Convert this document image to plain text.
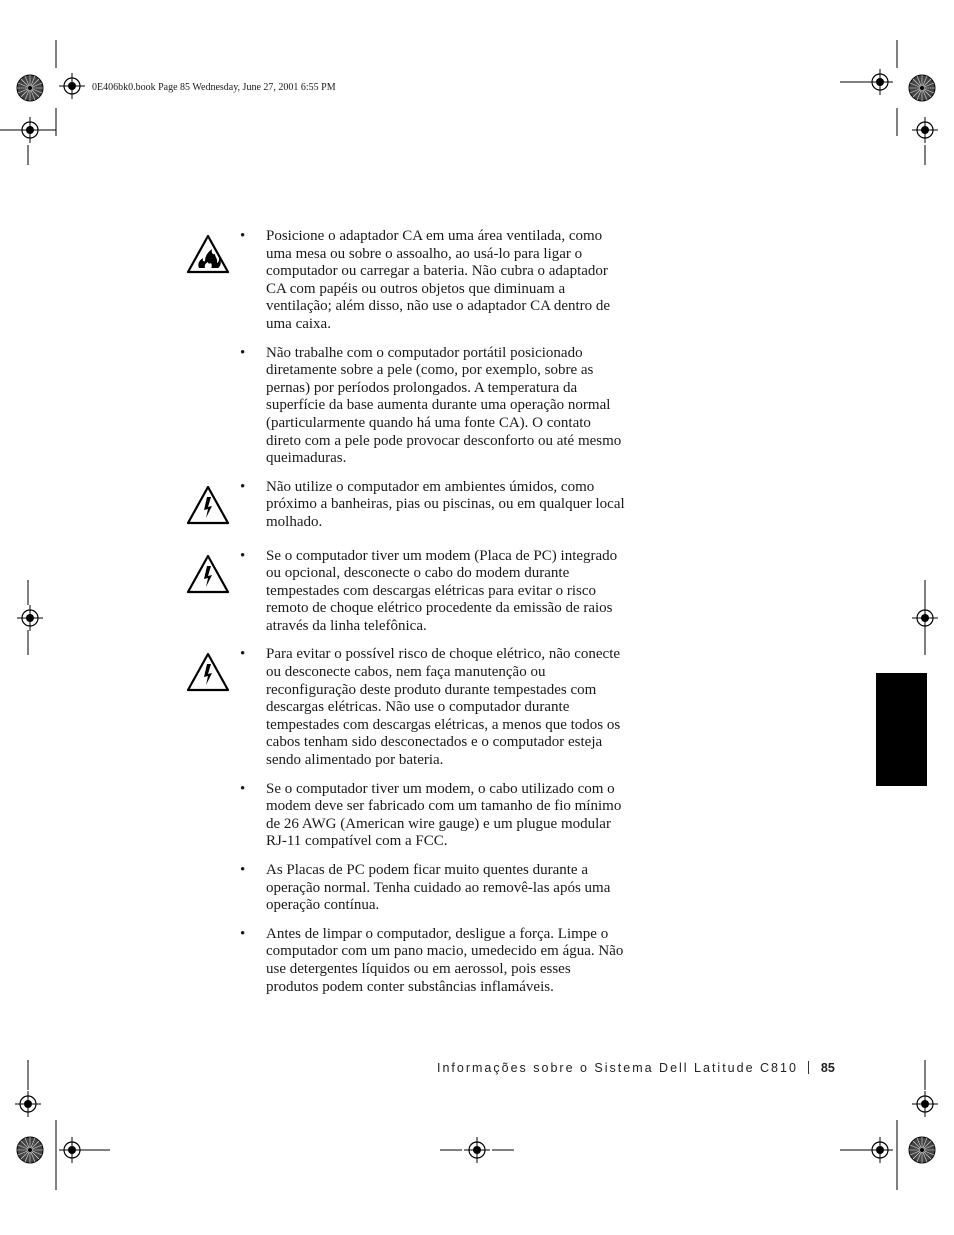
0E406bk0.book Page 85 Wednesday, June 27, 2001 6:55 PM
• Posicione o adaptador CA em uma área ventilada, como uma mesa ou sobre o assoalho, ao usá-lo para ligar o computador ou carregar a bateria. Não cubra o adaptador CA com papéis ou outros objetos que diminuam a ventilação; além disso, não use o adaptador CA dentro de uma caixa.
• Não trabalhe com o computador portátil posicionado diretamente sobre a pele (como, por exemplo, sobre as pernas) por períodos prolongados. A temperatura da superfície da base aumenta durante uma operação normal (particularmente quando há uma fonte CA). O contato direto com a pele pode provocar desconforto ou até mesmo queimaduras.
• Não utilize o computador em ambientes úmidos, como próximo a banheiras, pias ou piscinas, ou em qualquer local molhado.
• Se o computador tiver um modem (Placa de PC) integrado ou opcional, desconecte o cabo do modem durante tempestades com descargas elétricas para evitar o risco remoto de choque elétrico procedente da emissão de raios através da linha telefônica.
• Para evitar o possível risco de choque elétrico, não conecte ou desconecte cabos, nem faça manutenção ou reconfiguração deste produto durante tempestades com descargas elétricas. Não use o computador durante tempestades com descargas elétricas, a menos que todos os cabos tenham sido desconectados e o computador esteja sendo alimentado por bateria.
• Se o computador tiver um modem, o cabo utilizado com o modem deve ser fabricado com um tamanho de fio mínimo de 26 AWG (American wire gauge) e um plugue modular RJ-11 compatível com a FCC.
• As Placas de PC podem ficar muito quentes durante a operação normal. Tenha cuidado ao removê-las após uma operação contínua.
• Antes de limpar o computador, desligue a força. Limpe o computador com um pano macio, umedecido em água. Não use detergentes líquidos ou em aerossol, pois esses produtos podem conter substâncias inflamáveis.
Informações sobre o Sistema Dell Latitude C810 85
